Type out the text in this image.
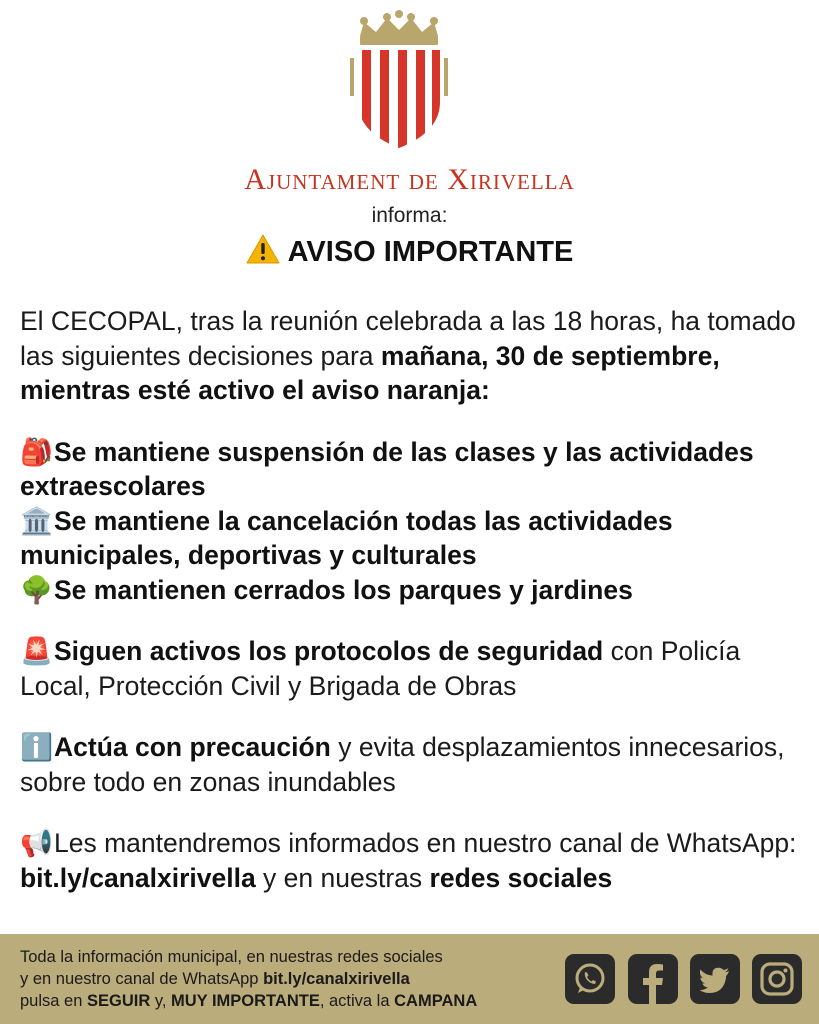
Ajuntament de Xirivella
informa:
AVISO IMPORTANTE

El CECOPAL, tras la reunión celebrada a las 18 horas, ha tomado las siguientes decisiones para mañana, 30 de septiembre, mientras esté activo el aviso naranja:

🎒Se mantiene suspensión de las clases y las actividades extraescolares

🏛️Se mantiene la cancelación todas las actividades municipales, deportivas y culturales

🌳Se mantienen cerrados los parques y jardines

🚨Siguen activos los protocolos de seguridad con Policía Local, Protección Civil y Brigada de Obras

ℹ️Actúa con precaución y evita desplazamientos innecesarios, sobre todo en zonas inundables

📢Les mantendremos informados en nuestro canal de WhatsApp: bit.ly/canalxirivella y en nuestras redes sociales

Toda la información municipal, en nuestras redes sociales
y en nuestro canal de WhatsApp bit.ly/canalxirivella
pulsa en SEGUIR y, MUY IMPORTANTE, activa la CAMPANA
